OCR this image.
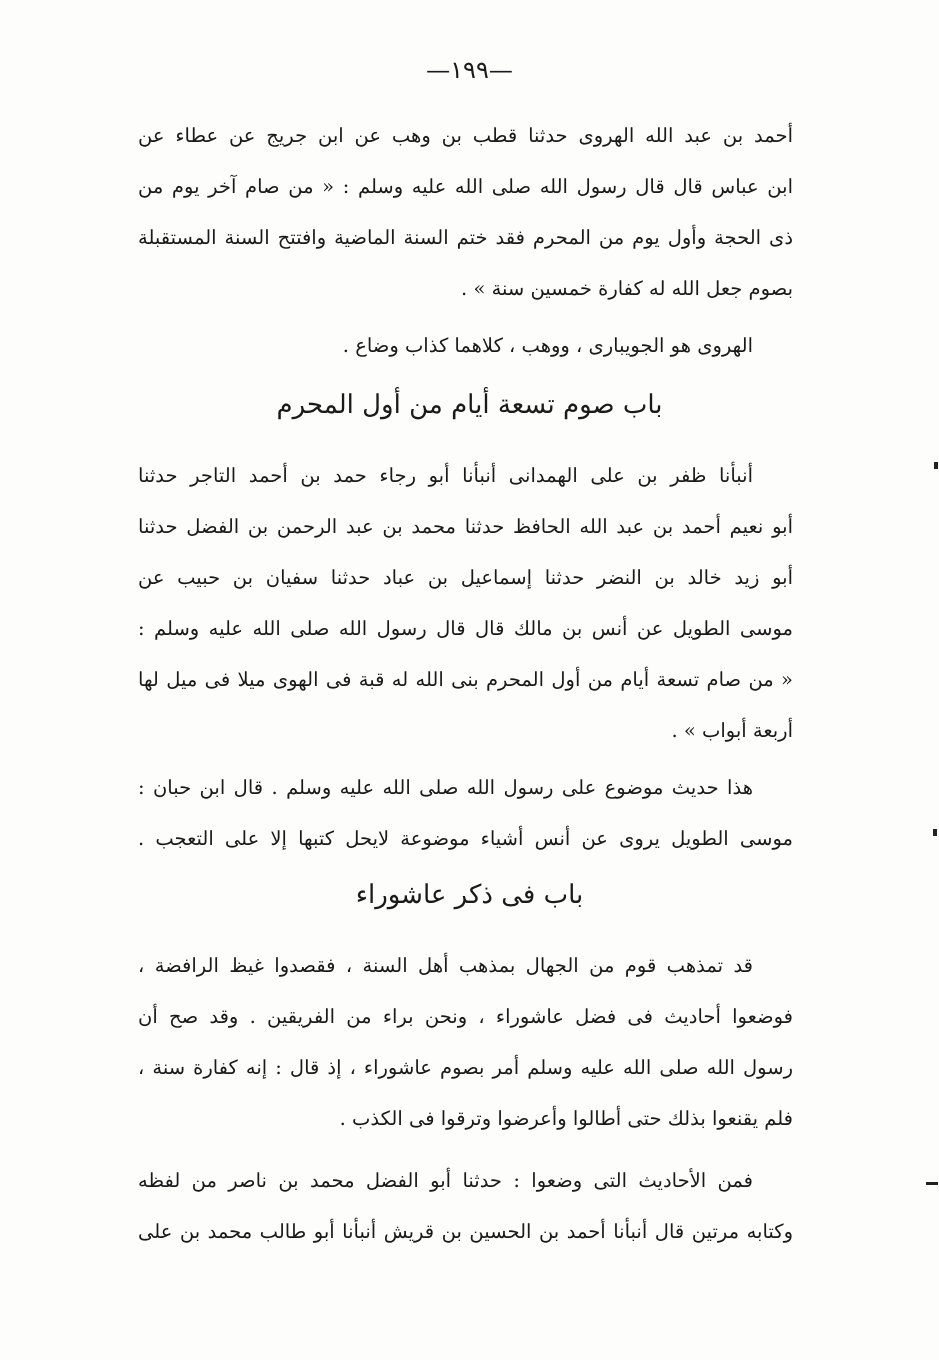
—١٩٩—
أحمد بن عبد الله الهروى حدثنا قطب بن وهب عن ابن جريج عن عطاء عن
ابن عباس قال قال رسول الله صلى الله عليه وسلم : « من صام آخر يوم من
ذى الحجة وأول يوم من المحرم فقد ختم السنة الماضية وافتتح السنة المستقبلة
بصوم جعل الله له كفارة خمسين سنة » .
الهروى هو الجويبارى ، ووهب ، كلاهما كذاب وضاع .
باب صوم تسعة أيام من أول المحرم
أنبأنا ظفر بن على الهمدانى أنبأنا أبو رجاء حمد بن أحمد التاجر حدثنا
أبو نعيم أحمد بن عبد الله الحافظ حدثنا محمد بن عبد الرحمن بن الفضل حدثنا
أبو زيد خالد بن النضر حدثنا إسماعيل بن عباد حدثنا سفيان بن حبيب عن
موسى الطويل عن أنس بن مالك قال قال رسول الله صلى الله عليه وسلم :
« من صام تسعة أيام من أول المحرم بنى الله له قبة فى الهوى ميلا فى ميل لها
أربعة أبواب » .
هذا حديث موضوع على رسول الله صلى الله عليه وسلم . قال ابن حبان :
موسى الطويل يروى عن أنس أشياء موضوعة لايحل كتبها إلا على التعجب .
باب فى ذكر عاشوراء
قد تمذهب قوم من الجهال بمذهب أهل السنة ، فقصدوا غيظ الرافضة ،
فوضعوا أحاديث فى فضل عاشوراء ، ونحن براء من الفريقين . وقد صح أن
رسول الله صلى الله عليه وسلم أمر بصوم عاشوراء ، إذ قال : إنه كفارة سنة ،
فلم يقنعوا بذلك حتى أطالوا وأعرضوا وترقوا فى الكذب .
فمن الأحاديث التى وضعوا : حدثنا أبو الفضل محمد بن ناصر من لفظه
وكتابه مرتين قال أنبأنا أحمد بن الحسين بن قريش أنبأنا أبو طالب محمد بن على
